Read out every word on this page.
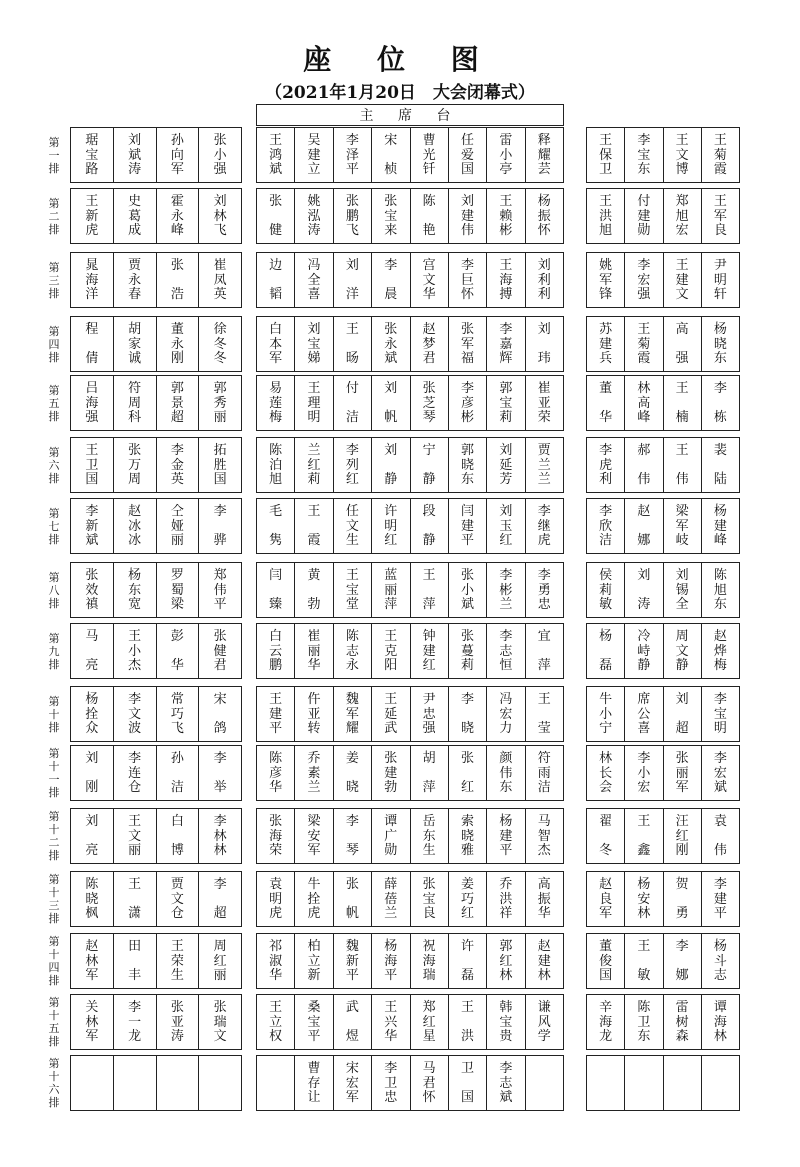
座 位 图
（2021年1月20日　大会闭幕式）
主 席 台
第
一
排
琚
宝
路
刘
斌
涛
孙
向
军
张
小
强
王
鸿
斌
吴
建
立
李
泽
平
宋
桢
曹
光
钎
任
爱
国
雷
小
亭
释
耀
芸
王
保
卫
李
宝
东
王
文
博
王
菊
霞
第
二
排
王
新
虎
史
葛
成
霍
永
峰
刘
林
飞
张
健
姚
泓
涛
张
鹏
飞
张
宝
来
陈
艳
刘
建
伟
王
赖
彬
杨
振
怀
王
洪
旭
付
建
勋
郑
旭
宏
王
军
良
第
三
排
晁
海
洋
贾
永
春
张
浩
崔
凤
英
边
韬
冯
全
喜
刘
洋
李
晨
宫
文
华
李
巨
怀
王
海
搏
刘
利
利
姚
军
锋
李
宏
强
王
建
文
尹
明
轩
第
四
排
程
倩
胡
家
诚
董
永
刚
徐
冬
冬
白
本
军
刘
宝
娣
王
旸
张
永
斌
赵
梦
君
张
军
福
李
嘉
辉
刘
玮
苏
建
兵
王
菊
霞
高
强
杨
晓
东
第
五
排
吕
海
强
符
周
科
郭
景
超
郭
秀
丽
易
莲
梅
王
理
明
付
洁
刘
帆
张
芝
琴
李
彦
彬
郭
宝
莉
崔
亚
荣
董
华
林
高
峰
王
楠
李
栋
第
六
排
王
卫
国
张
万
周
李
金
英
拓
胜
国
陈
泊
旭
兰
红
莉
李
列
红
刘
静
宁
静
郭
晓
东
刘
延
芳
贾
兰
兰
李
虎
利
郝
伟
王
伟
裴
陆
第
七
排
李
新
斌
赵
冰
冰
仝
娅
丽
李
骅
毛
隽
王
霞
任
文
生
许
明
红
段
静
闫
建
平
刘
玉
红
李
继
虎
李
欣
洁
赵
娜
梁
军
岐
杨
建
峰
第
八
排
张
效
禛
杨
东
宽
罗
蜀
梁
郑
伟
平
闫
臻
黄
勃
王
宝
堂
蓝
丽
萍
王
萍
张
小
斌
李
彬
兰
李
勇
忠
侯
莉
敏
刘
涛
刘
锡
全
陈
旭
东
第
九
排
马
亮
王
小
杰
彭
华
张
健
君
白
云
鹏
崔
丽
华
陈
志
永
王
克
阳
钟
建
红
张
蔓
莉
李
志
恒
宜
萍
杨
磊
冷
峙
静
周
文
静
赵
烨
梅
第
十
排
杨
拴
众
李
文
波
常
巧
飞
宋
鸽
王
建
平
仵
亚
转
魏
军
耀
王
延
武
尹
忠
强
李
晓
冯
宏
力
王
莹
牛
小
宁
席
公
喜
刘
超
李
宝
明
第
十
一
排
刘
刚
李
连
仓
孙
洁
李
举
陈
彦
华
乔
素
兰
姜
晓
张
建
勃
胡
萍
张
红
颜
伟
东
符
雨
洁
林
长
会
李
小
宏
张
丽
军
李
宏
斌
第
十
二
排
刘
亮
王
文
丽
白
博
李
林
林
张
海
荣
梁
安
军
李
琴
谭
广
勋
岳
东
生
索
晓
雅
杨
建
平
马
智
杰
翟
冬
王
鑫
汪
红
刚
袁
伟
第
十
三
排
陈
晓
枫
王
潇
贾
文
仓
李
超
袁
明
虎
牛
拴
虎
张
帆
薛
蓓
兰
张
宝
良
姜
巧
红
乔
洪
祥
高
振
华
赵
良
军
杨
安
林
贺
勇
李
建
平
第
十
四
排
赵
林
军
田
丰
王
荣
生
周
红
丽
祁
淑
华
柏
立
新
魏
新
平
杨
海
平
祝
海
瑞
许
磊
郭
红
林
赵
建
林
董
俊
国
王
敏
李
娜
杨
斗
志
第
十
五
排
关
林
军
李
一
龙
张
亚
涛
张
瑞
文
王
立
权
桑
宝
平
武
煜
王
兴
华
郑
红
星
王
洪
韩
宝
贵
谦
风
学
辛
海
龙
陈
卫
东
雷
树
森
谭
海
林
第
十
六
排
曹
存
让
宋
宏
军
李
卫
忠
马
君
怀
卫
国
李
志
斌
